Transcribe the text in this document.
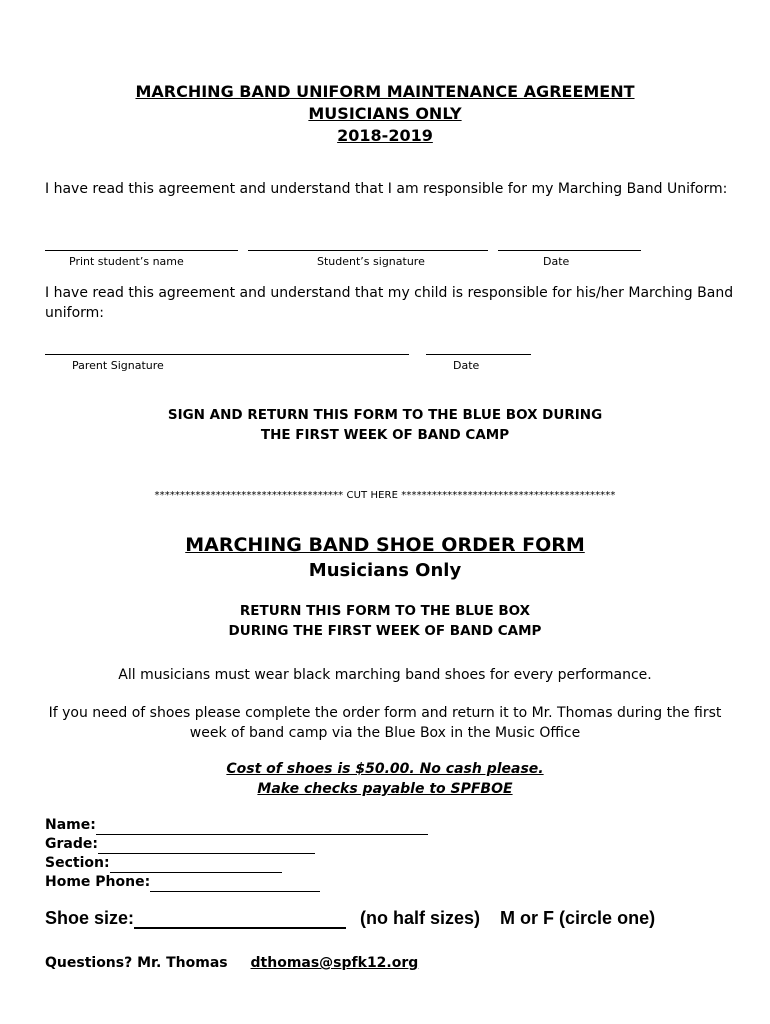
MARCHING BAND UNIFORM MAINTENANCE AGREEMENT
MUSICIANS ONLY
2018-2019
I have read this agreement and understand that I am responsible for my Marching Band Uniform:
Print student’s name	Student’s signature	Date
I have read this agreement and understand that my child is responsible for his/her Marching Band uniform:
Parent Signature	Date
SIGN AND RETURN THIS FORM TO THE BLUE BOX DURING
THE FIRST WEEK OF BAND CAMP
************************************* CUT HERE ******************************************
MARCHING BAND SHOE ORDER FORM
Musicians Only
RETURN THIS FORM TO THE BLUE BOX
DURING THE FIRST WEEK OF BAND CAMP
All musicians must wear black marching band shoes for every performance.
If you need of shoes please complete the order form and return it to Mr. Thomas during the first week of band camp via the Blue Box in the Music Office
Cost of shoes is $50.00. No cash please.
Make checks payable to SPFBOE
Name:
Grade:
Section:
Home Phone:
Shoe size:	(no half sizes) M or F (circle one)
Questions? Mr. Thomas dthomas@spfk12.org
